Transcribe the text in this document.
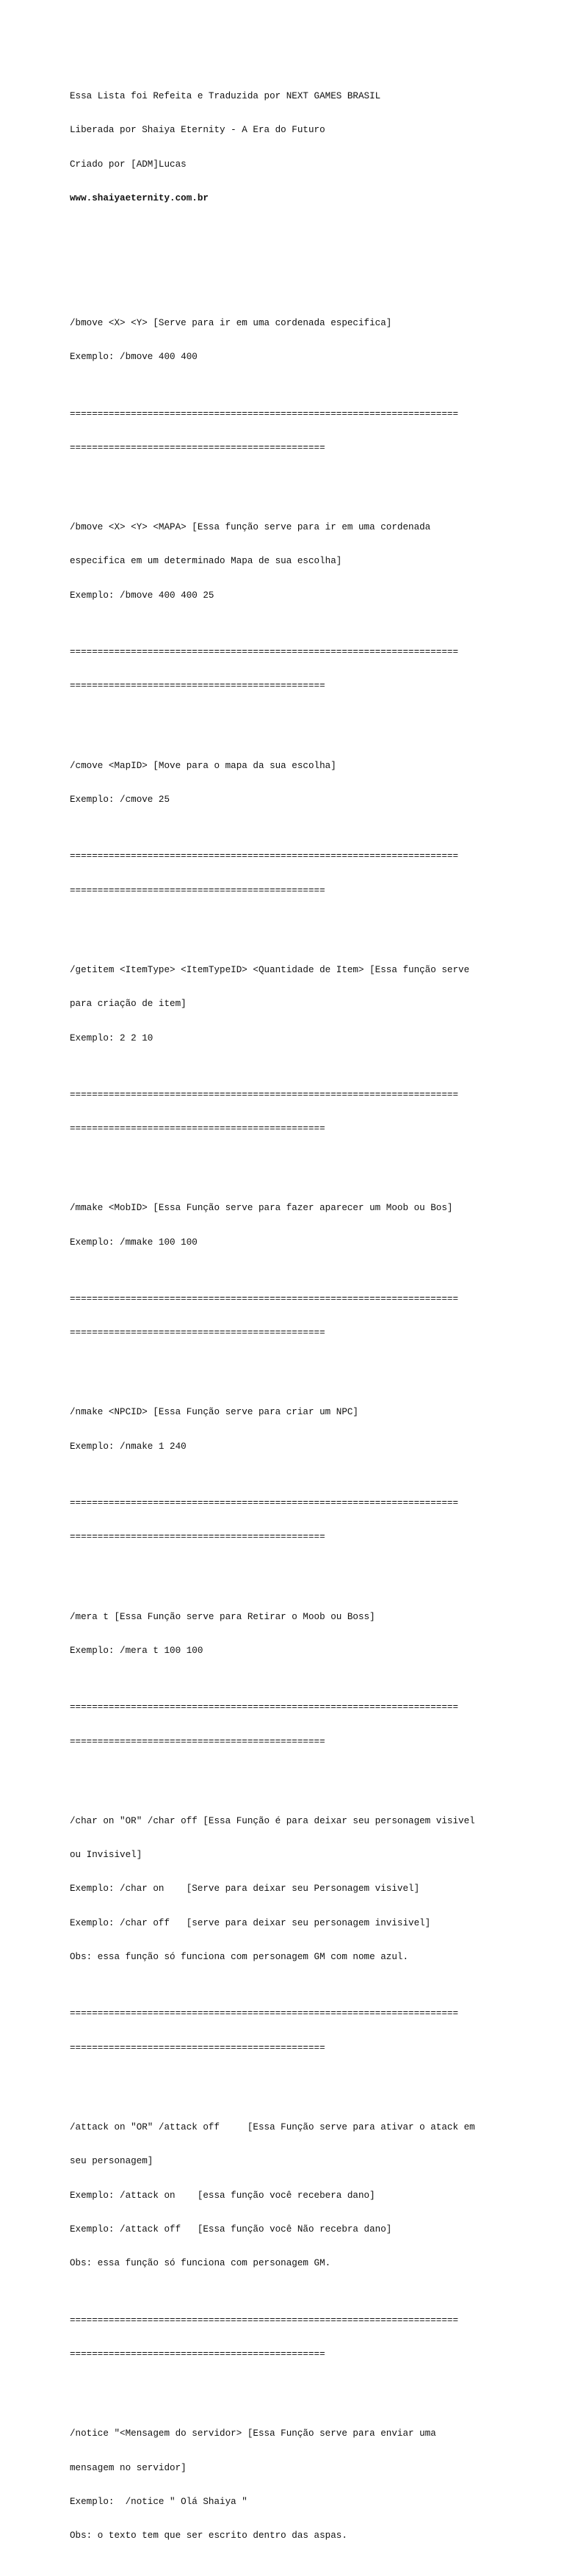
Essa Lista foi Refeita e Traduzida por NEXT GAMES BRASIL

Liberada por Shaiya Eternity - A Era do Futuro

Criado por [ADM]Lucas

www.shaiyaeternity.com.br

/bmove <X> <Y> [Serve para ir em uma cordenada especifica]

Exemplo: /bmove 400 400

======================================================================

==============================================

/bmove <X> <Y> <MAPA> [Essa função serve para ir em uma cordenada

especifica em um determinado Mapa de sua escolha]

Exemplo: /bmove 400 400 25

======================================================================

==============================================

/cmove <MapID> [Move para o mapa da sua escolha]

Exemplo: /cmove 25

======================================================================

==============================================

/getitem <ItemType> <ItemTypeID> <Quantidade de Item> [Essa função serve

para criação de item]

Exemplo: 2 2 10

======================================================================

==============================================

/mmake <MobID> [Essa Função serve para fazer aparecer um Moob ou Bos]

Exemplo: /mmake 100 100

======================================================================

==============================================

/nmake <NPCID> [Essa Função serve para criar um NPC]

Exemplo: /nmake 1 240

======================================================================

==============================================

/mera t [Essa Função serve para Retirar o Moob ou Boss]

Exemplo: /mera t 100 100

======================================================================

==============================================

/char on "OR" /char off [Essa Função é para deixar seu personagem visivel

ou Invisivel]

Exemplo: /char on    [Serve para deixar seu Personagem visivel]

Exemplo: /char off   [serve para deixar seu personagem invisivel]

Obs: essa função só funciona com personagem GM com nome azul.

======================================================================

==============================================

/attack on "OR" /attack off     [Essa Função serve para ativar o atack em

seu personagem]

Exemplo: /attack on    [essa função você recebera dano]

Exemplo: /attack off   [Essa função você Não recebra dano]

Obs: essa função só funciona com personagem GM.

======================================================================

==============================================

/notice "<Mensagem do servidor> [Essa Função serve para enviar uma

mensagem no servidor]

Exemplo:  /notice " Olá Shaiya "

Obs: o texto tem que ser escrito dentro das aspas.
